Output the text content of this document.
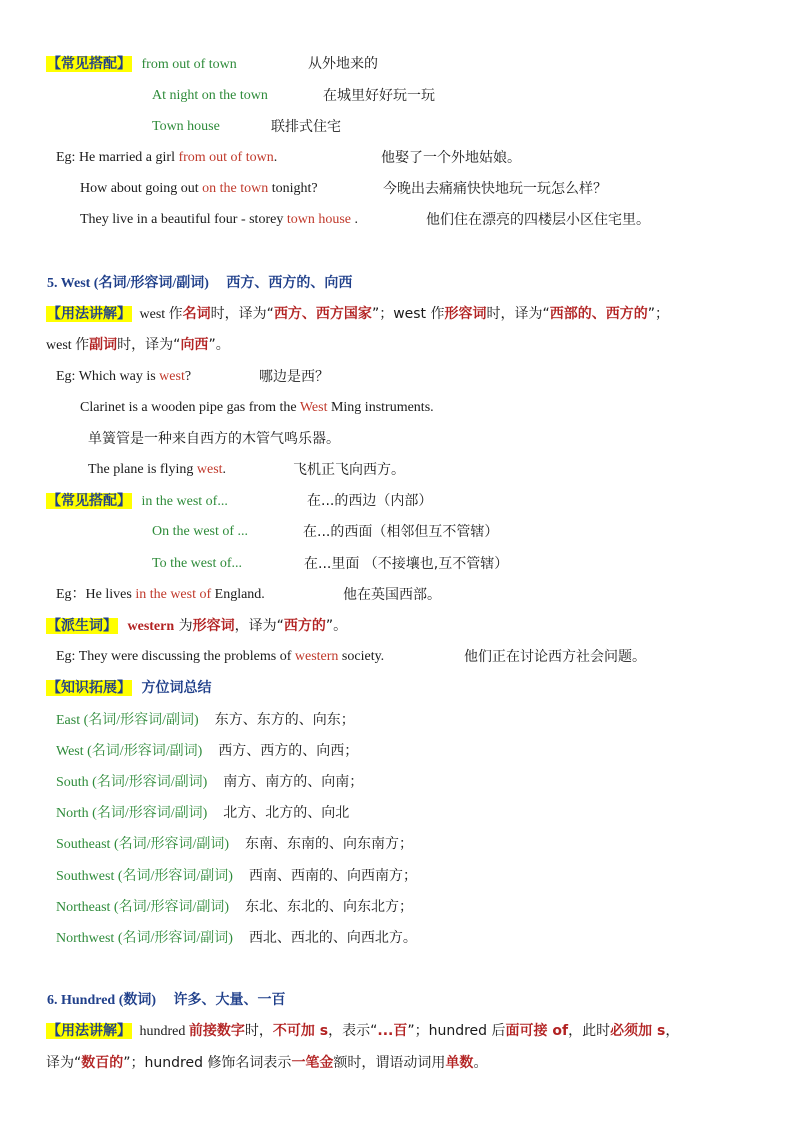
【常见搭配】 from out of town	从外地来的
At night on the town	在城里好好玩一玩
Town house	联排式住宅
Eg: He married a girl from out of town.	他娶了一个外地姑娘。
How about going out on the town tonight?	今晚出去痛痛快快地玩一玩怎么样？
They live in a beautiful four - storey town house .	他们住在漂亮的四楼层小区住宅里。
5. West (名词/形容词/副词) 西方、西方的、向西
【用法讲解】 west 作名词时，译为“西方、西方国家”；west 作形容词时，译为“西部的、西方的”；
west 作副词时，译为“向西”。
Eg: Which way is west?	哪边是西？
Clarinet is a wooden pipe gas from the West Ming instruments.
单簧管是一种来自西方的木管气鸣乐器。
The plane is flying west.	飞机正飞向西方。
【常见搭配】 in the west of...	在...的西边（内部）
On the west of ...	在...的西面（相邻但互不管辖）
To the west of...	在...里面 （不接壤也,互不管辖）
Eg：He lives in the west of England.	他在英国西部。
【派生词】 western 为形容词，译为“西方的”。
Eg: They were discussing the problems of western society.	他们正在讨论西方社会问题。
【知识拓展】 方位词总结
East (名词/形容词/副词) 东方、东方的、向东；
West (名词/形容词/副词) 西方、西方的、向西；
South (名词/形容词/副词) 南方、南方的、向南；
North (名词/形容词/副词) 北方、北方的、向北
Southeast (名词/形容词/副词) 东南、东南的、向东南方；
Southwest (名词/形容词/副词) 西南、西南的、向西南方；
Northeast (名词/形容词/副词) 东北、东北的、向东北方；
Northwest (名词/形容词/副词) 西北、西北的、向西北方。
6. Hundred (数词) 许多、大量、一百
【用法讲解】 hundred 前接数字时，不可加 s，表示“...百”；hundred 后面可接 of，此时必须加 s，
译为“数百的”；hundred 修饰名词表示一笔金额时，谓语动词用单数。
